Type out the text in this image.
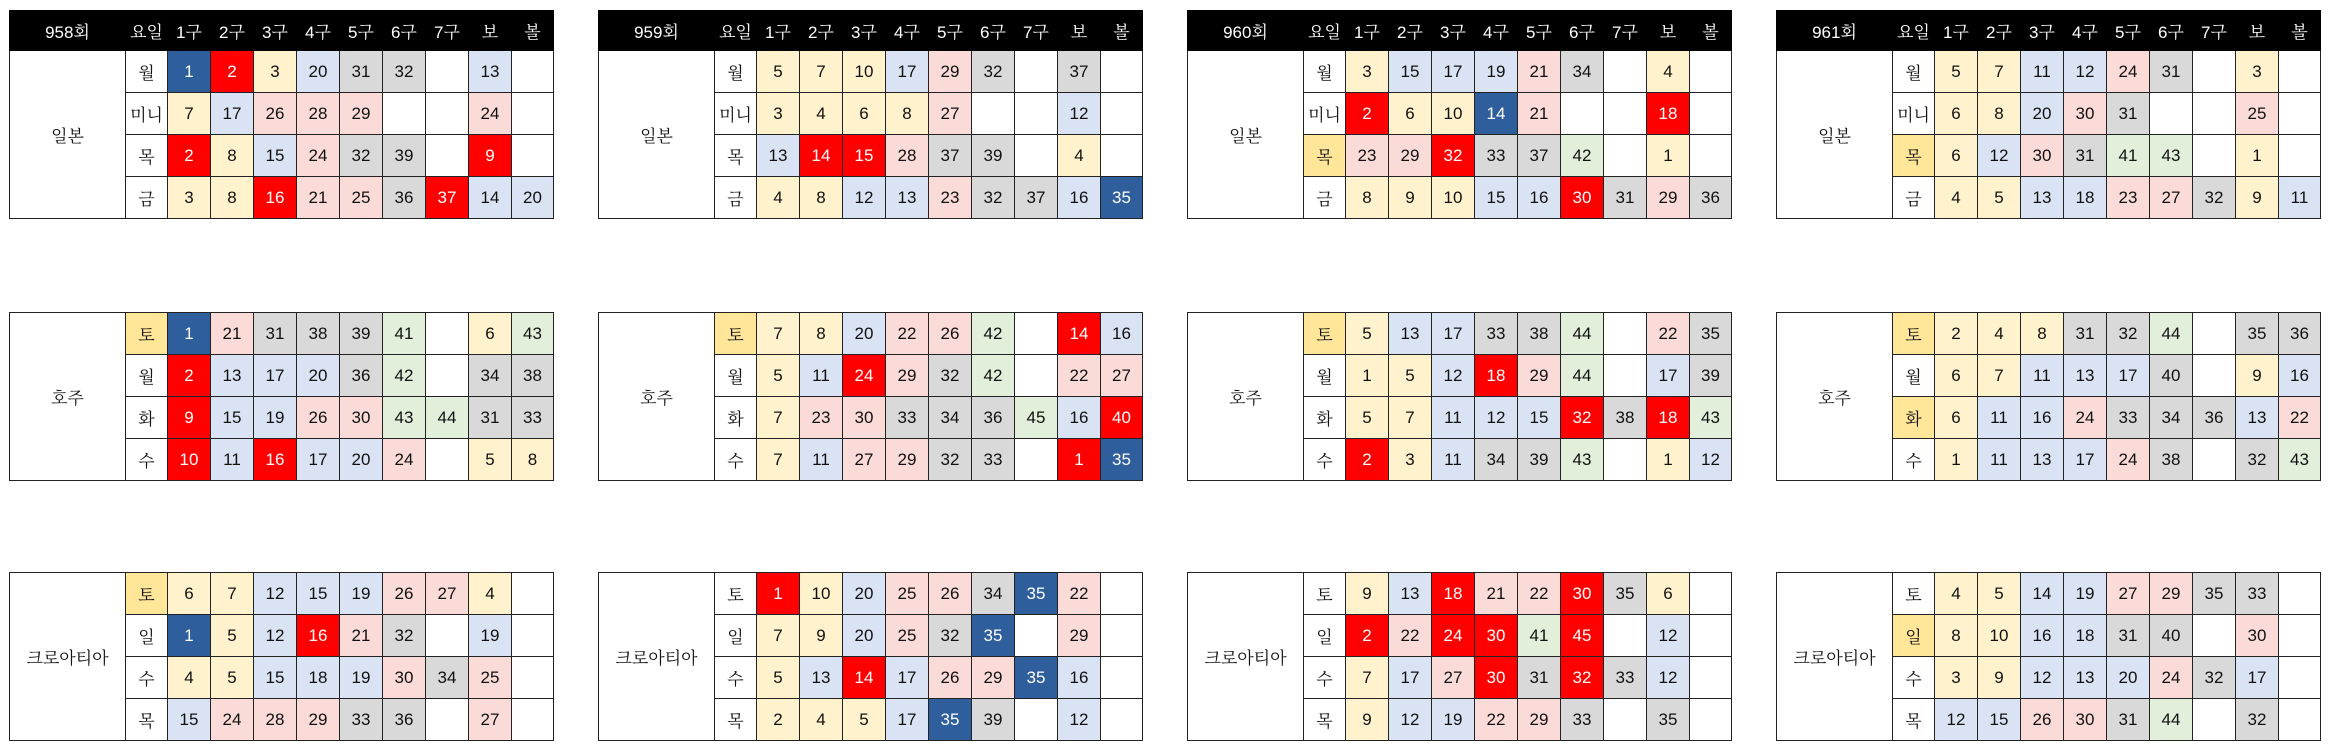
958회	요일	1구	2구	3구	4구	5구	6구	7구	보	볼
일본	월	1	2	3	20	31	32		13	
	미니	7	17	26	28	29			24	
	목	2	8	15	24	32	39		9	
	금	3	8	16	21	25	36	37	14	20
호주	토	1	21	31	38	39	41		6	43
	월	2	13	17	20	36	42		34	38
	화	9	15	19	26	30	43	44	31	33
	수	10	11	16	17	20	24		5	8
크로아티아	토	6	7	12	15	19	26	27	4	
	일	1	5	12	16	21	32		19	
	수	4	5	15	18	19	30	34	25	
	목	15	24	28	29	33	36		27	
959회	요일	1구	2구	3구	4구	5구	6구	7구	보	볼
일본	월	5	7	10	17	29	32		37	
	미니	3	4	6	8	27			12	
	목	13	14	15	28	37	39		4	
	금	4	8	12	13	23	32	37	16	35
호주	토	7	8	20	22	26	42		14	16
	월	5	11	24	29	32	42		22	27
	화	7	23	30	33	34	36	45	16	40
	수	7	11	27	29	32	33		1	35
크로아티아	토	1	10	20	25	26	34	35	22	
	일	7	9	20	25	32	35		29	
	수	5	13	14	17	26	29	35	16	
	목	2	4	5	17	35	39		12	
960회	요일	1구	2구	3구	4구	5구	6구	7구	보	볼
일본	월	3	15	17	19	21	34		4	
	미니	2	6	10	14	21			18	
	목	23	29	32	33	37	42		1	
	금	8	9	10	15	16	30	31	29	36
호주	토	5	13	17	33	38	44		22	35
	월	1	5	12	18	29	44		17	39
	화	5	7	11	12	15	32	38	18	43
	수	2	3	11	34	39	43		1	12
크로아티아	토	9	13	18	21	22	30	35	6	
	일	2	22	24	30	41	45		12	
	수	7	17	27	30	31	32	33	12	
	목	9	12	19	22	29	33		35	
961회	요일	1구	2구	3구	4구	5구	6구	7구	보	볼
일본	월	5	7	11	12	24	31		3	
	미니	6	8	20	30	31			25	
	목	6	12	30	31	41	43		1	
	금	4	5	13	18	23	27	32	9	11
호주	토	2	4	8	31	32	44		35	36
	월	6	7	11	13	17	40		9	16
	화	6	11	16	24	33	34	36	13	22
	수	1	11	13	17	24	38		32	43
크로아티아	토	4	5	14	19	27	29	35	33	
	일	8	10	16	18	31	40		30	
	수	3	9	12	13	20	24	32	17	
	목	12	15	26	30	31	44		32	
